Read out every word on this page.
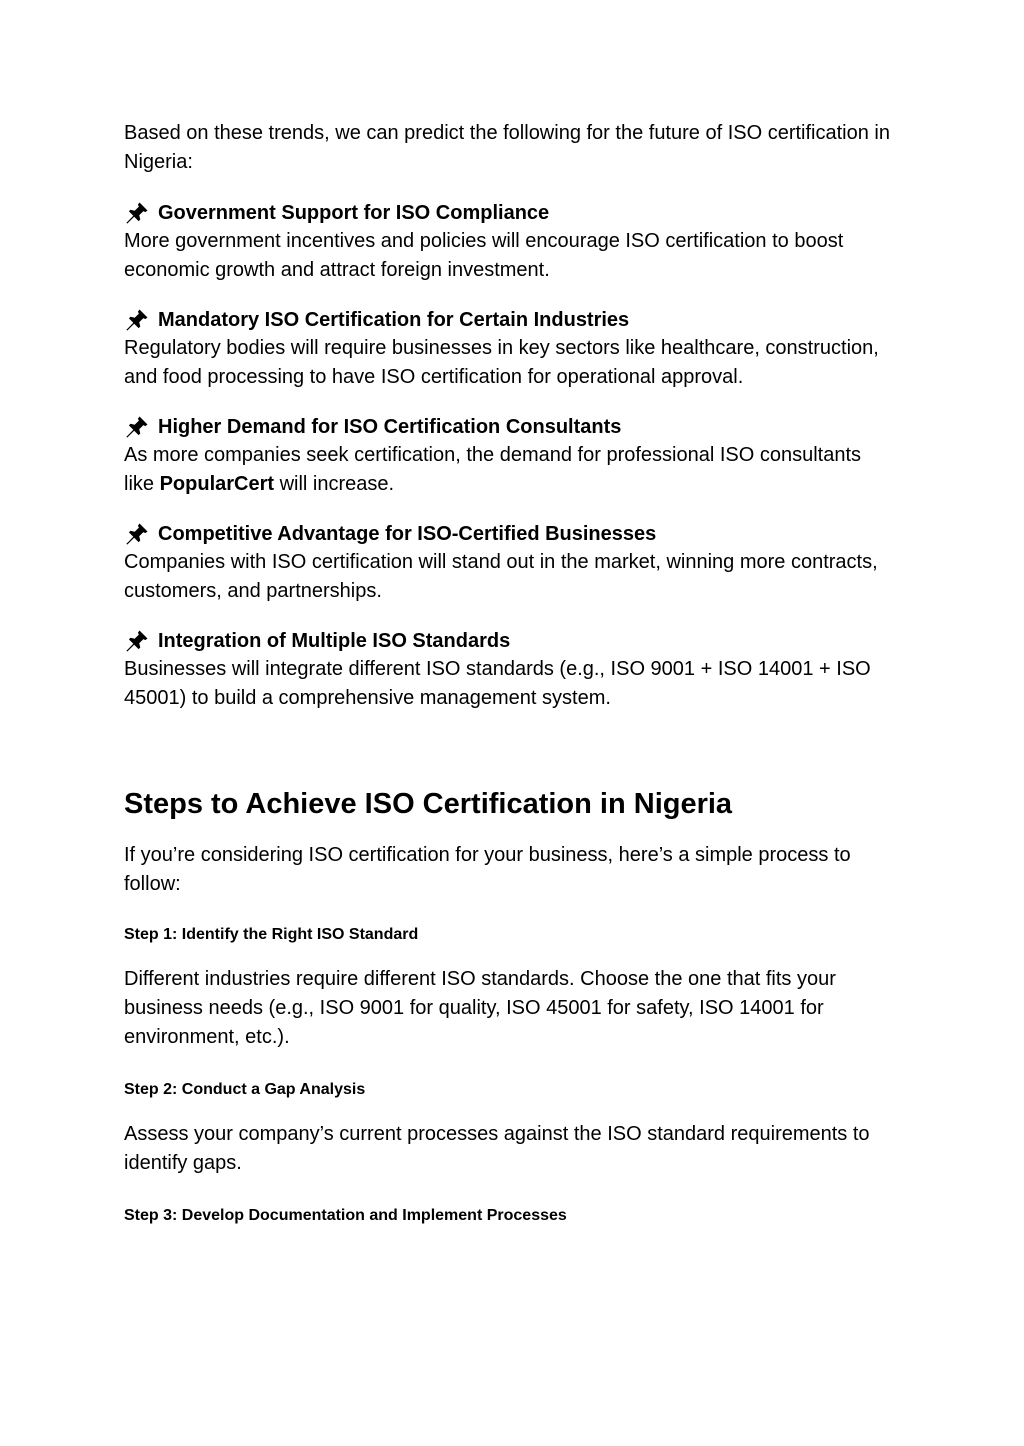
Based on these trends, we can predict the following for the future of ISO certification in Nigeria:

Government Support for ISO Compliance

More government incentives and policies will encourage ISO certification to boost economic growth and attract foreign investment.

Mandatory ISO Certification for Certain Industries

Regulatory bodies will require businesses in key sectors like healthcare, construction, and food processing to have ISO certification for operational approval.

Higher Demand for ISO Certification Consultants

As more companies seek certification, the demand for professional ISO consultants like PopularCert will increase.

Competitive Advantage for ISO-Certified Businesses

Companies with ISO certification will stand out in the market, winning more contracts, customers, and partnerships.

Integration of Multiple ISO Standards

Businesses will integrate different ISO standards (e.g., ISO 9001 + ISO 14001 + ISO 45001) to build a comprehensive management system.

Steps to Achieve ISO Certification in Nigeria

If you’re considering ISO certification for your business, here’s a simple process to follow:

Step 1: Identify the Right ISO Standard

Different industries require different ISO standards. Choose the one that fits your business needs (e.g., ISO 9001 for quality, ISO 45001 for safety, ISO 14001 for environment, etc.).

Step 2: Conduct a Gap Analysis

Assess your company’s current processes against the ISO standard requirements to identify gaps.

Step 3: Develop Documentation and Implement Processes
